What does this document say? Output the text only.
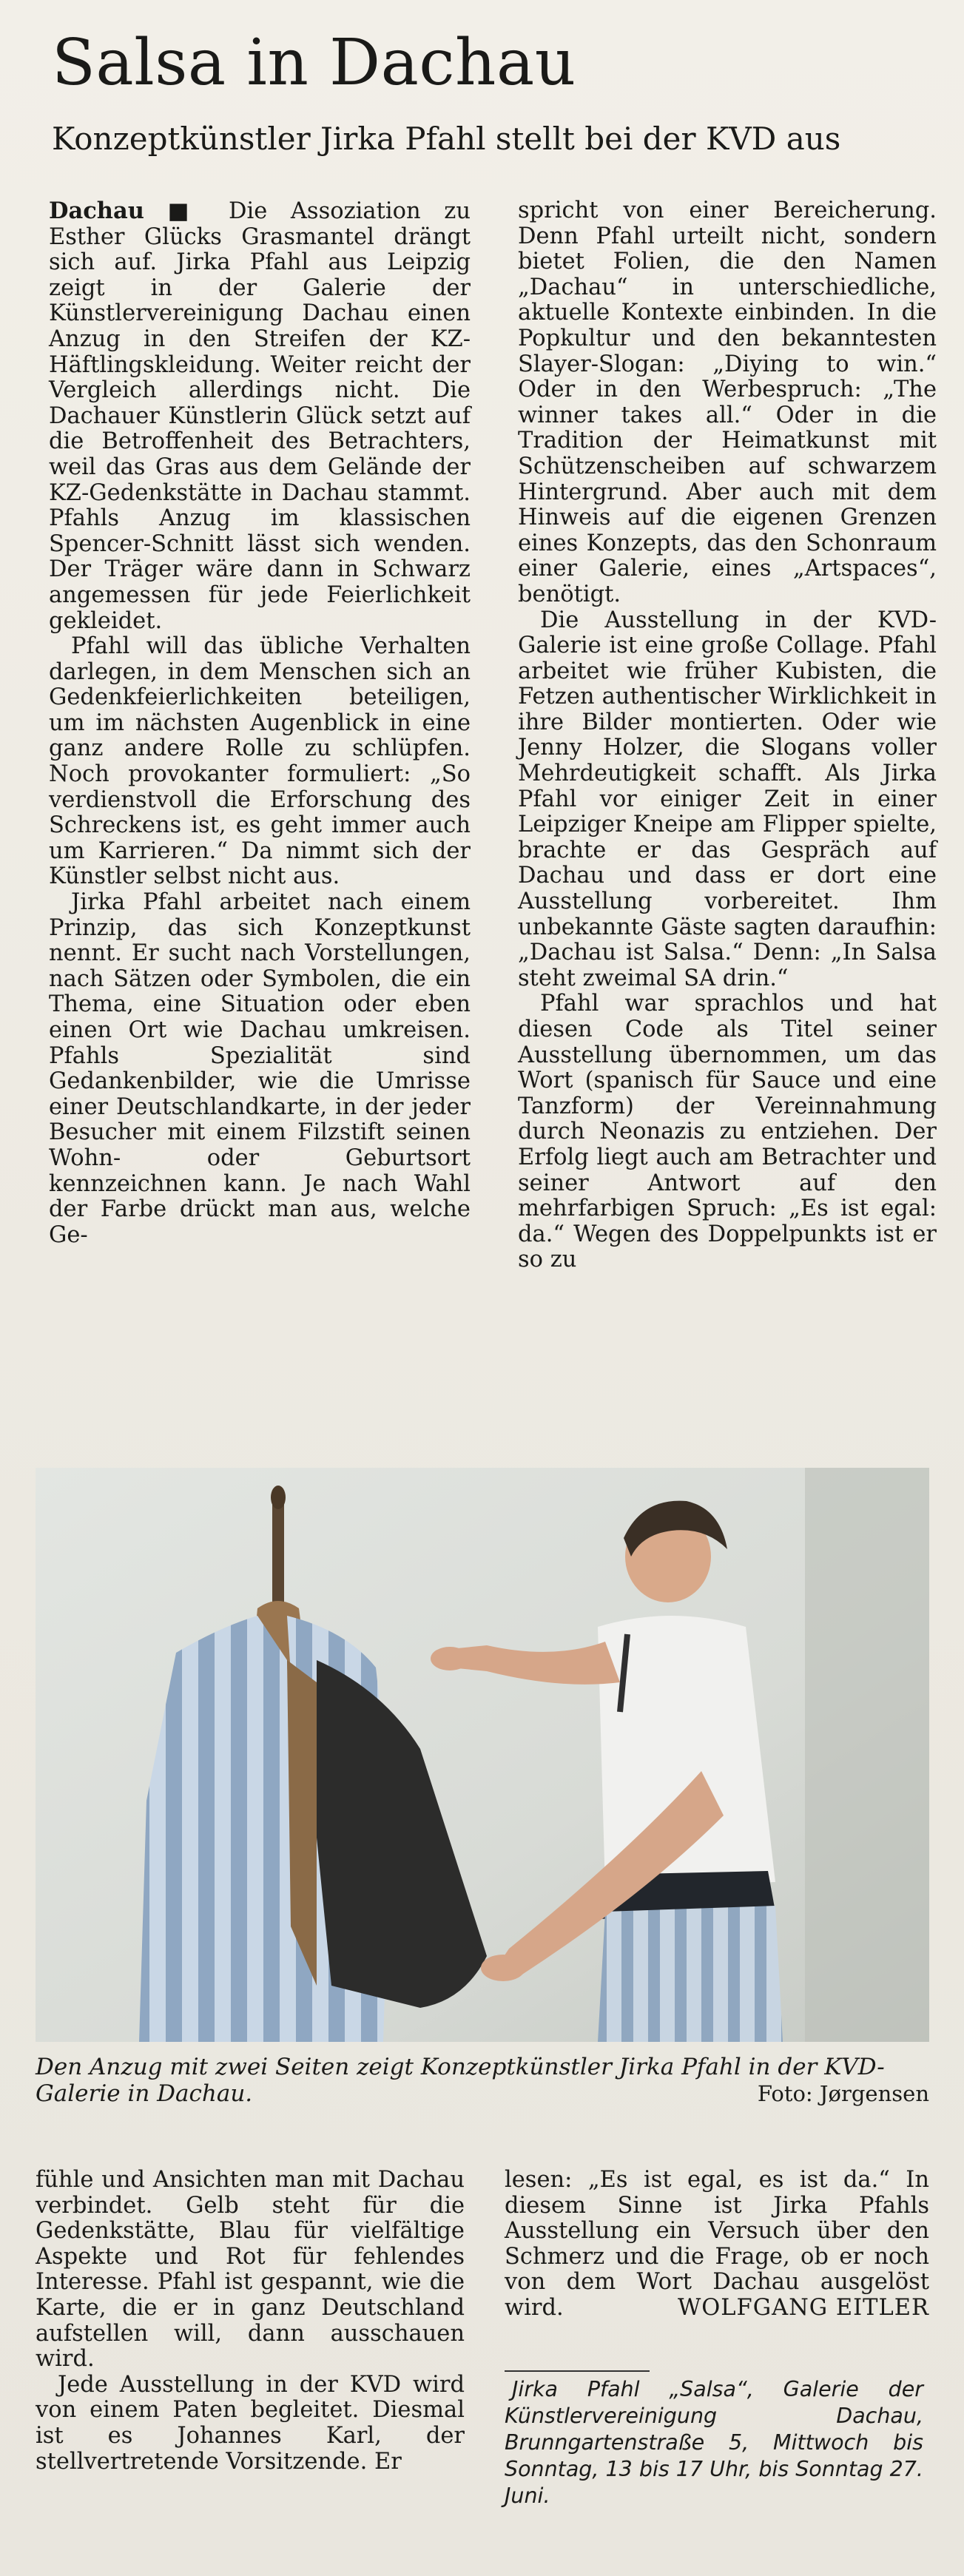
Salsa in Dachau
Konzeptkünstler Jirka Pfahl stellt bei der KVD aus

Dachau ■ Die Assoziation zu Esther Glücks Grasmantel drängt sich auf. Jirka Pfahl aus Leipzig zeigt in der Galerie der Künstlervereinigung Dachau einen Anzug in den Streifen der KZ-Häftlingskleidung. Weiter reicht der Vergleich allerdings nicht. Die Dachauer Künstlerin Glück setzt auf die Betroffenheit des Betrachters, weil das Gras aus dem Gelände der KZ-Gedenkstätte in Dachau stammt. Pfahls Anzug im klassischen Spencer-Schnitt lässt sich wenden. Der Träger wäre dann in Schwarz angemessen für jede Feierlichkeit gekleidet.

Pfahl will das übliche Verhalten darlegen, in dem Menschen sich an Gedenkfeierlichkeiten beteiligen, um im nächsten Augenblick in eine ganz andere Rolle zu schlüpfen. Noch provokanter formuliert: „So verdienstvoll die Erforschung des Schreckens ist, es geht immer auch um Karrieren.“ Da nimmt sich der Künstler selbst nicht aus.

Jirka Pfahl arbeitet nach einem Prinzip, das sich Konzeptkunst nennt. Er sucht nach Vorstellungen, nach Sätzen oder Symbolen, die ein Thema, eine Situation oder eben einen Ort wie Dachau umkreisen. Pfahls Spezialität sind Gedankenbilder, wie die Umrisse einer Deutschlandkarte, in der jeder Besucher mit einem Filzstift seinen Wohn- oder Geburtsort kennzeichnen kann. Je nach Wahl der Farbe drückt man aus, welche Ge-

spricht von einer Bereicherung. Denn Pfahl urteilt nicht, sondern bietet Folien, die den Namen „Dachau“ in unterschiedliche, aktuelle Kontexte einbinden. In die Popkultur und den bekanntesten Slayer-Slogan: „Diying to win.“ Oder in den Werbespruch: „The winner takes all.“ Oder in die Tradition der Heimatkunst mit Schützenscheiben auf schwarzem Hintergrund. Aber auch mit dem Hinweis auf die eigenen Grenzen eines Konzepts, das den Schonraum einer Galerie, eines „Artspaces“, benötigt.

Die Ausstellung in der KVD-Galerie ist eine große Collage. Pfahl arbeitet wie früher Kubisten, die Fetzen authentischer Wirklichkeit in ihre Bilder montierten. Oder wie Jenny Holzer, die Slogans voller Mehrdeutigkeit schafft. Als Jirka Pfahl vor einiger Zeit in einer Leipziger Kneipe am Flipper spielte, brachte er das Gespräch auf Dachau und dass er dort eine Ausstellung vorbereitet. Ihm unbekannte Gäste sagten daraufhin: „Dachau ist Salsa.“ Denn: „In Salsa steht zweimal SA drin.“

Pfahl war sprachlos und hat diesen Code als Titel seiner Ausstellung übernommen, um das Wort (spanisch für Sauce und eine Tanzform) der Vereinnahmung durch Neonazis zu entziehen. Der Erfolg liegt auch am Betrachter und seiner Antwort auf den mehrfarbigen Spruch: „Es ist egal: da.“ Wegen des Doppelpunkts ist er so zu

Den Anzug mit zwei Seiten zeigt Konzeptkünstler Jirka Pfahl in der KVD-Galerie in Dachau.	Foto: Jørgensen

fühle und Ansichten man mit Dachau verbindet. Gelb steht für die Gedenkstätte, Blau für vielfältige Aspekte und Rot für fehlendes Interesse. Pfahl ist gespannt, wie die Karte, die er in ganz Deutschland aufstellen will, dann ausschauen wird.

Jede Ausstellung in der KVD wird von einem Paten begleitet. Diesmal ist es Johannes Karl, der stellvertretende Vorsitzende. Er

lesen: „Es ist egal, es ist da.“ In diesem Sinne ist Jirka Pfahls Ausstellung ein Versuch über den Schmerz und die Frage, ob er noch von dem Wort Dachau ausgelöst wird.	WOLFGANG EITLER

Jirka Pfahl „Salsa“, Galerie der Künstlervereinigung Dachau, Brunngartenstraße 5, Mittwoch bis Sonntag, 13 bis 17 Uhr, bis Sonntag 27. Juni.
